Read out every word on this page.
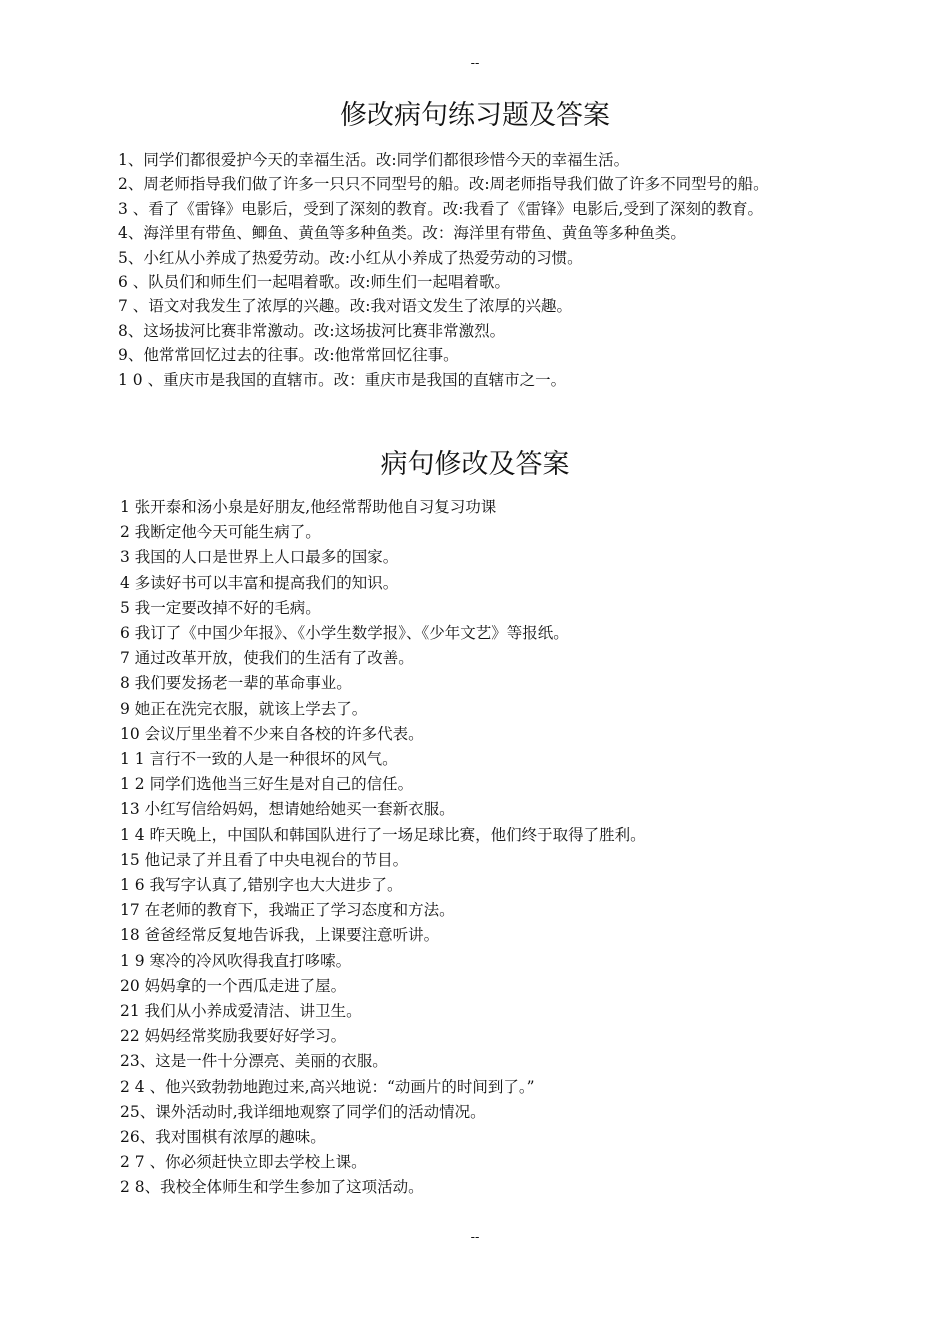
--
修改病句练习题及答案

1、同学们都很爱护今天的幸福生活。改:同学们都很珍惜今天的幸福生活。

2、周老师指导我们做了许多一只只不同型号的船。改:周老师指导我们做了许多不同型号的船。

3 、看了《雷锋》电影后，受到了深刻的教育。改:我看了《雷锋》电影后,受到了深刻的教育。

4、海洋里有带鱼、鲫鱼、黄鱼等多种鱼类。改：海洋里有带鱼、黄鱼等多种鱼类。

5、小红从小养成了热爱劳动。改:小红从小养成了热爱劳动的习惯。

6 、队员们和师生们一起唱着歌。改:师生们一起唱着歌。

7 、语文对我发生了浓厚的兴趣。改:我对语文发生了浓厚的兴趣。

8、这场拔河比赛非常激动。改:这场拔河比赛非常激烈。

9、他常常回忆过去的往事。改:他常常回忆往事。

1 0 、重庆市是我国的直辖市。改：重庆市是我国的直辖市之一。

病句修改及答案

1 张开泰和汤小泉是好朋友,他经常帮助他自习复习功课

2 我断定他今天可能生病了。

3 我国的人口是世界上人口最多的国家。

4 多读好书可以丰富和提高我们的知识。

5 我一定要改掉不好的毛病。

6 我订了《中国少年报》、《小学生数学报》、《少年文艺》等报纸。

7 通过改革开放，使我们的生活有了改善。

8 我们要发扬老一辈的革命事业。

9 她正在洗完衣服，就该上学去了。

10 会议厅里坐着不少来自各校的许多代表。

1 1 言行不一致的人是一种很坏的风气。

1 2 同学们选他当三好生是对自己的信任。

13 小红写信给妈妈，想请她给她买一套新衣服。

1 4 昨天晚上，中国队和韩国队进行了一场足球比赛，他们终于取得了胜利。

15 他记录了并且看了中央电视台的节目。

1 6 我写字认真了,错别字也大大进步了。

17 在老师的教育下，我端正了学习态度和方法。

18 爸爸经常反复地告诉我，上课要注意听讲。

1 9 寒冷的冷风吹得我直打哆嗦。

20 妈妈拿的一个西瓜走进了屋。

21 我们从小养成爱清洁、讲卫生。

22 妈妈经常奖励我要好好学习。

23、这是一件十分漂亮、美丽的衣服。

2 4 、他兴致勃勃地跑过来,高兴地说：“动画片的时间到了。”

25、课外活动时,我详细地观察了同学们的活动情况。

26、我对围棋有浓厚的趣味。

2 7 、你必须赶快立即去学校上课。

2 8、我校全体师生和学生参加了这项活动。

--
